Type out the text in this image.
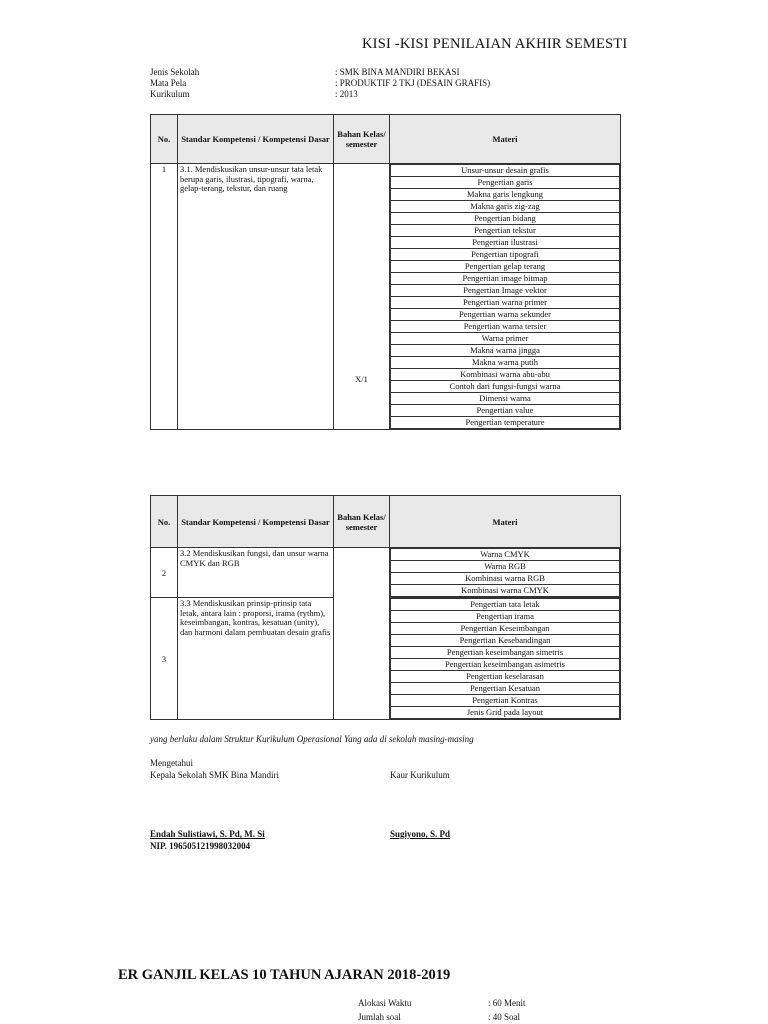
KISI -KISI PENILAIAN AKHIR SEMESTI
Jenis Sekolah	: SMK BINA MANDIRI BEKASI
Mata Pela	: PRODUKTIF 2 TKJ (DESAIN GRAFIS)
Kurikulum	: 2013
No.	Standar Kompetensi / Kompetensi Dasar	Bahan Kelas/ semester	Materi
1	3.1. Mendiskusikan unsur-unsur tata letak berupa garis, ilustrasi, tipografi, warna, gelap-terang, tekstur, dan ruang	X/1	
Unsur-unsur desain grafis
Pengertian garis
Makna garis lengkung
Makna garis zig-zag
Pengertian bidang
Pengertian tekstur
Pengertian ilustrasi
Pengertian tipografi
Pengertian gelap terang
Pengertian image bitmap
Pengertian Image vektor
Pengertian warna primer
Pengertian warna sekunder
Pengertian warna tersier
Warna primer
Makna warna jingga
Makna warna putih
Kombinasi warna abu-abu
Contoh dari fungsi-fungsi warna
Dimensi warna
Pengertian value
Pengertian temperature
No.	Standar Kompetensi / Kompetensi Dasar	Bahan Kelas/ semester	Materi
2	3.2 Mendiskusikan fungsi, dan unsur warna CMYK dan RGB		
Warna CMYK
Warna RGB
Kombinasi warna RGB
Kombinasi warna CMYK

3	3.3 Mendiskusikan prinsip-prinsip tata letak, antara lain : proporsi, irama (rythm), keseimbangan, kontras, kesatuan (unity), dan harmoni dalam pembuatan desain grafis	
Pengertian tata letak
Pengertian irama
Pengertian Keseimbangan
Pengertian Kesebandingan
Pengertian keseimbangan simetris
Pengertian keseimbangan asimetris
Pengertian keselarasan
Pengertian Kesatuan
Pengertian Kontras
Jenis Grid pada layout
yang berlaku dalam Struktur Kurikulum Operasional Yang ada di sekolah masing-masing
Mengetahui
Kepala Sekolah SMK Bina Mandiri	Kaur Kurikulum
Endah Sulistiawi, S. Pd, M. Si
NIP. 196505121998032004
Sugiyono, S. Pd
ER GANJIL KELAS 10 TAHUN AJARAN 2018-2019
Alokasi Waktu	: 60 Menit
Jumlah soal	: 40 Soal
